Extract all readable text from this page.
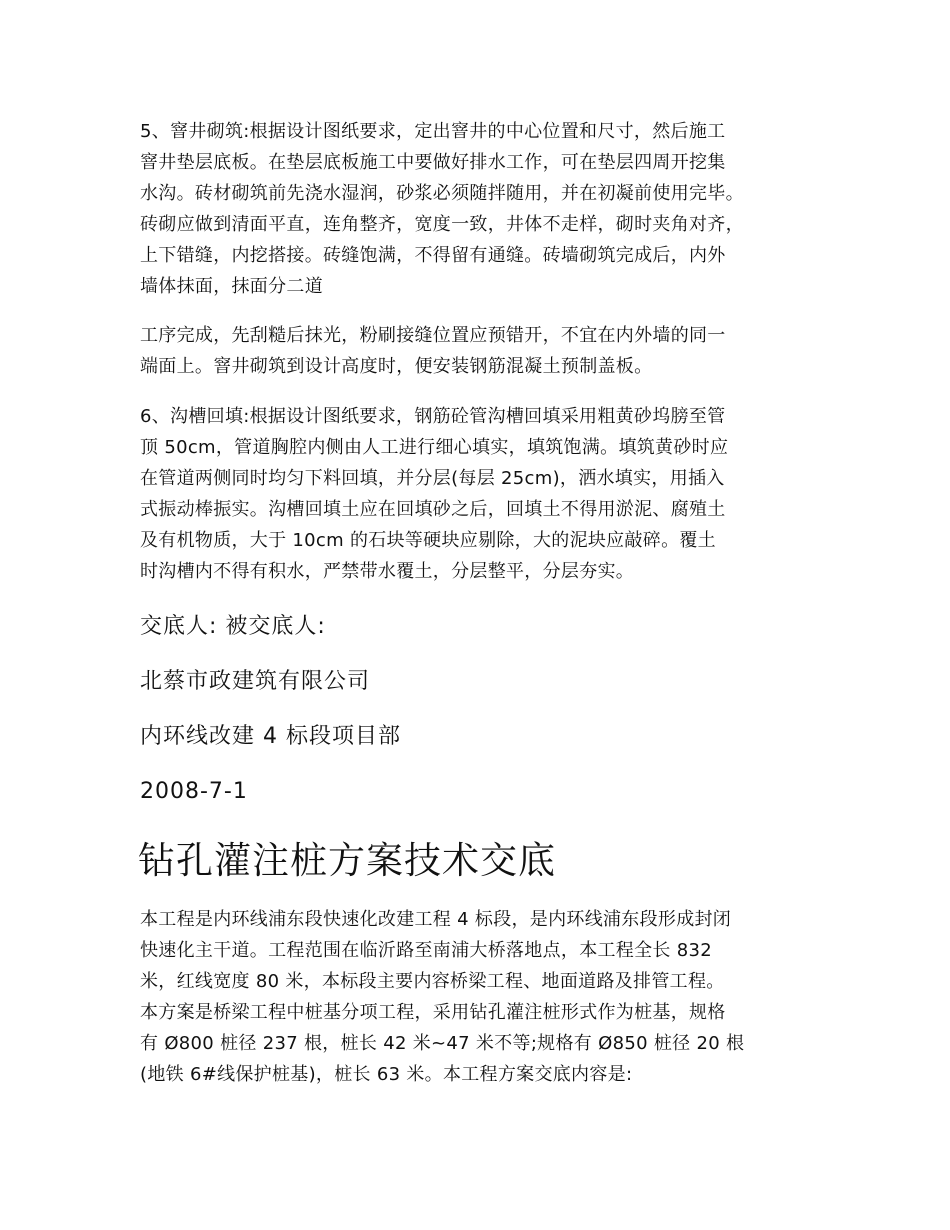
5、窨井砌筑:根据设计图纸要求，定出窨井的中心位置和尺寸，然后施工
窨井垫层底板。在垫层底板施工中要做好排水工作，可在垫层四周开挖集
水沟。砖材砌筑前先浇水湿润，砂浆必须随拌随用，并在初凝前使用完毕。
砖砌应做到清面平直，连角整齐，宽度一致，井体不走样，砌时夹角对齐，
上下错缝，内挖搭接。砖缝饱满，不得留有通缝。砖墙砌筑完成后，内外
墙体抹面，抹面分二道

工序完成，先刮糙后抹光，粉刷接缝位置应预错开，不宜在内外墙的同一
端面上。窨井砌筑到设计高度时，便安装钢筋混凝土预制盖板。

6、沟槽回填:根据设计图纸要求，钢筋砼管沟槽回填采用粗黄砂坞膀至管
顶 50cm，管道胸腔内侧由人工进行细心填实，填筑饱满。填筑黄砂时应
在管道两侧同时均匀下料回填，并分层(每层 25cm)，洒水填实，用插入
式振动棒振实。沟槽回填土应在回填砂之后，回填土不得用淤泥、腐殖土
及有机物质，大于 10cm 的石块等硬块应剔除，大的泥块应敲碎。覆土
时沟槽内不得有积水，严禁带水覆土，分层整平，分层夯实。

交底人: 被交底人:
北蔡市政建筑有限公司
内环线改建 4 标段项目部
2008-7-1
钻孔灌注桩方案技术交底

本工程是内环线浦东段快速化改建工程 4 标段，是内环线浦东段形成封闭
快速化主干道。工程范围在临沂路至南浦大桥落地点，本工程全长 832
米，红线宽度 80 米，本标段主要内容桥梁工程、地面道路及排管工程。
本方案是桥梁工程中桩基分项工程，采用钻孔灌注桩形式作为桩基，规格
有 Ø800 桩径 237 根，桩长 42 米~47 米不等;规格有 Ø850 桩径 20 根
(地铁 6#线保护桩基)，桩长 63 米。本工程方案交底内容是:
